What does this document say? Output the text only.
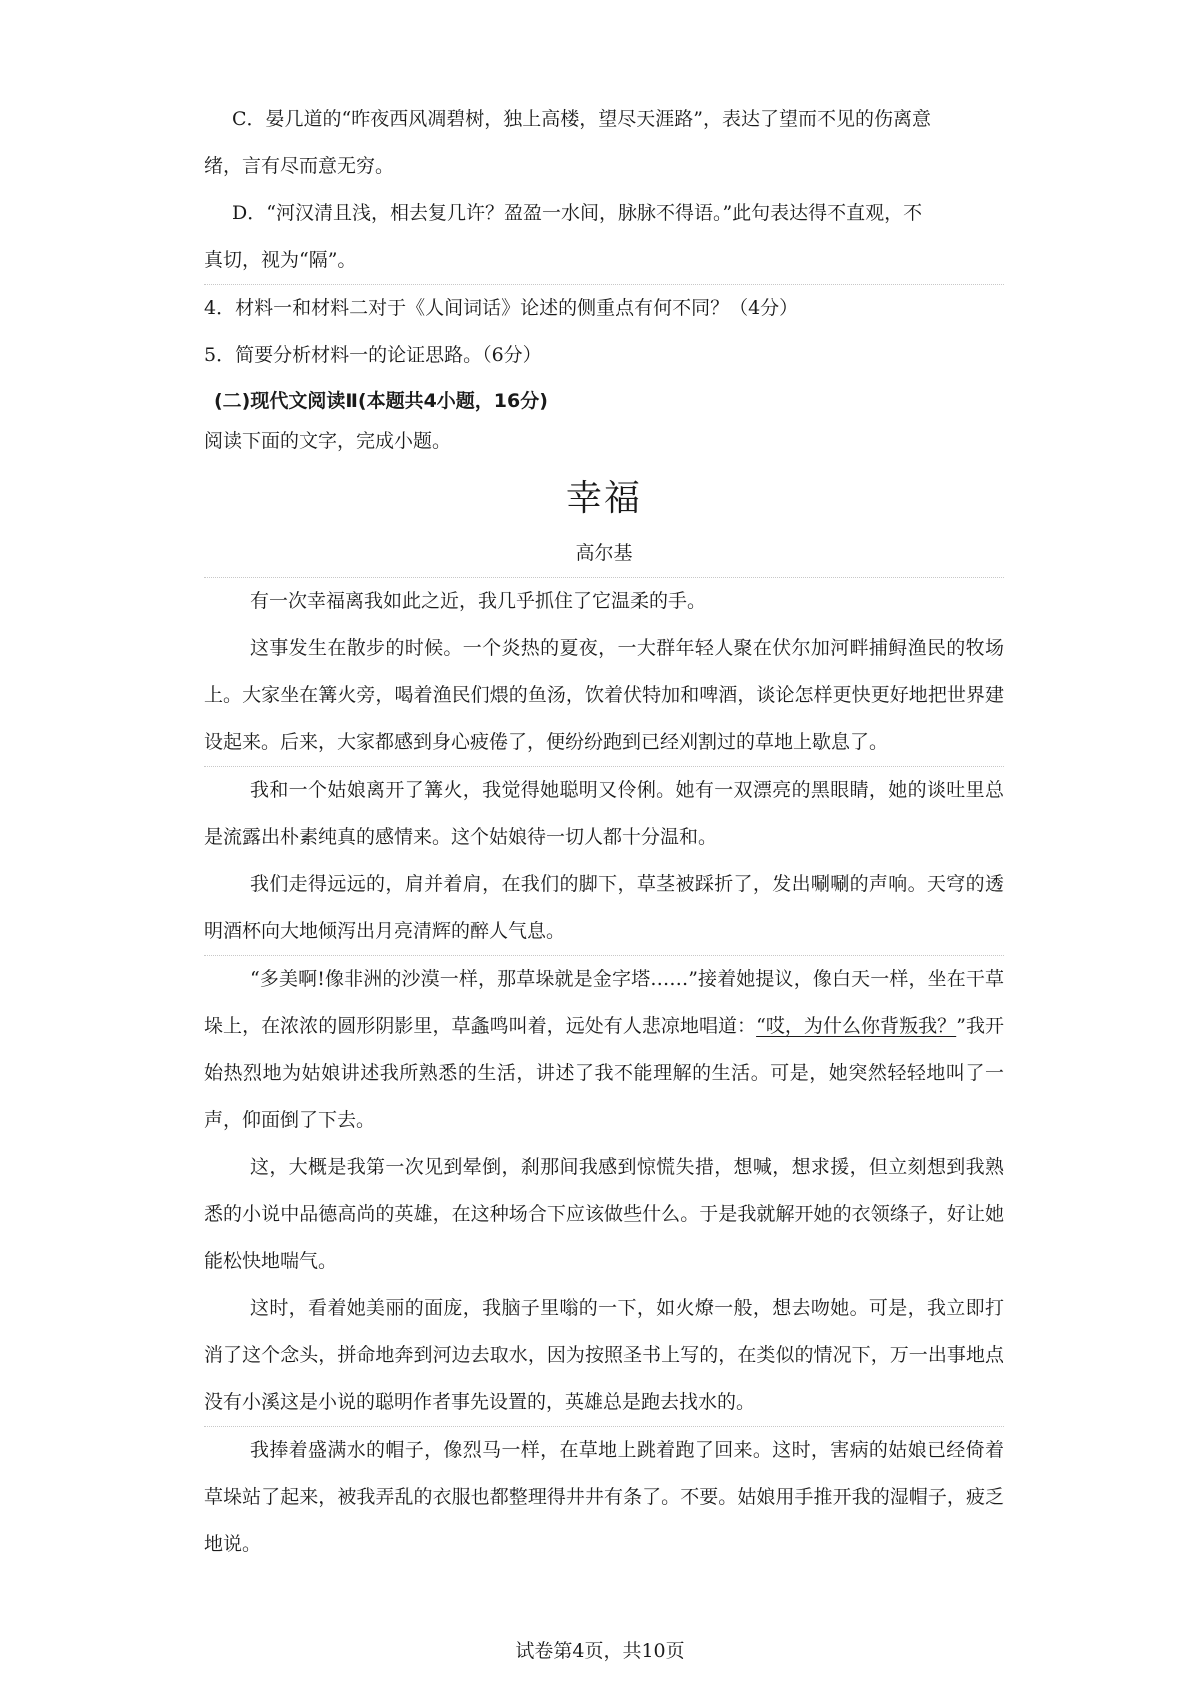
C．晏几道的“昨夜西风凋碧树，独上高楼，望尽天涯路”，表达了望而不见的伤离意
绪，言有尽而意无穷。

D．“河汉清且浅，相去复几许？盈盈一水间，脉脉不得语。”此句表达得不直观，不
真切，视为“隔”。

4．材料一和材料二对于《人间词话》论述的侧重点有何不同？（4分）

5．简要分析材料一的论证思路。（6分）

(二)现代文阅读Ⅱ(本题共4小题，16分)

阅读下面的文字，完成小题。

幸福
高尔基

有一次幸福离我如此之近，我几乎抓住了它温柔的手。

这事发生在散步的时候。一个炎热的夏夜，一大群年轻人聚在伏尔加河畔捕鲟渔民的牧场上。大家坐在篝火旁，喝着渔民们煨的鱼汤，饮着伏特加和啤酒，谈论怎样更快更好地把世界建设起来。后来，大家都感到身心疲倦了，便纷纷跑到已经刈割过的草地上歇息了。

我和一个姑娘离开了篝火，我觉得她聪明又伶俐。她有一双漂亮的黑眼睛，她的谈吐里总是流露出朴素纯真的感情来。这个姑娘待一切人都十分温和。

我们走得远远的，肩并着肩，在我们的脚下，草茎被踩折了，发出唰唰的声响。天穹的透明酒杯向大地倾泻出月亮清辉的醉人气息。

“多美啊!像非洲的沙漠一样，那草垛就是金字塔……”接着她提议，像白天一样，坐在干草垛上，在浓浓的圆形阴影里，草螽鸣叫着，远处有人悲凉地唱道：“哎，为什么你背叛我？”我开始热烈地为姑娘讲述我所熟悉的生活，讲述了我不能理解的生活。可是，她突然轻轻地叫了一声，仰面倒了下去。

这，大概是我第一次见到晕倒，刹那间我感到惊慌失措，想喊，想求援，但立刻想到我熟悉的小说中品德高尚的英雄，在这种场合下应该做些什么。于是我就解开她的衣领绦子，好让她能松快地喘气。

这时，看着她美丽的面庞，我脑子里嗡的一下，如火燎一般，想去吻她。可是，我立即打消了这个念头，拼命地奔到河边去取水，因为按照圣书上写的，在类似的情况下，万一出事地点没有小溪这是小说的聪明作者事先设置的，英雄总是跑去找水的。

我捧着盛满水的帽子，像烈马一样，在草地上跳着跑了回来。这时，害病的姑娘已经倚着草垛站了起来，被我弄乱的衣服也都整理得井井有条了。不要。姑娘用手推开我的湿帽子，疲乏地说。

试卷第4页，共10页
